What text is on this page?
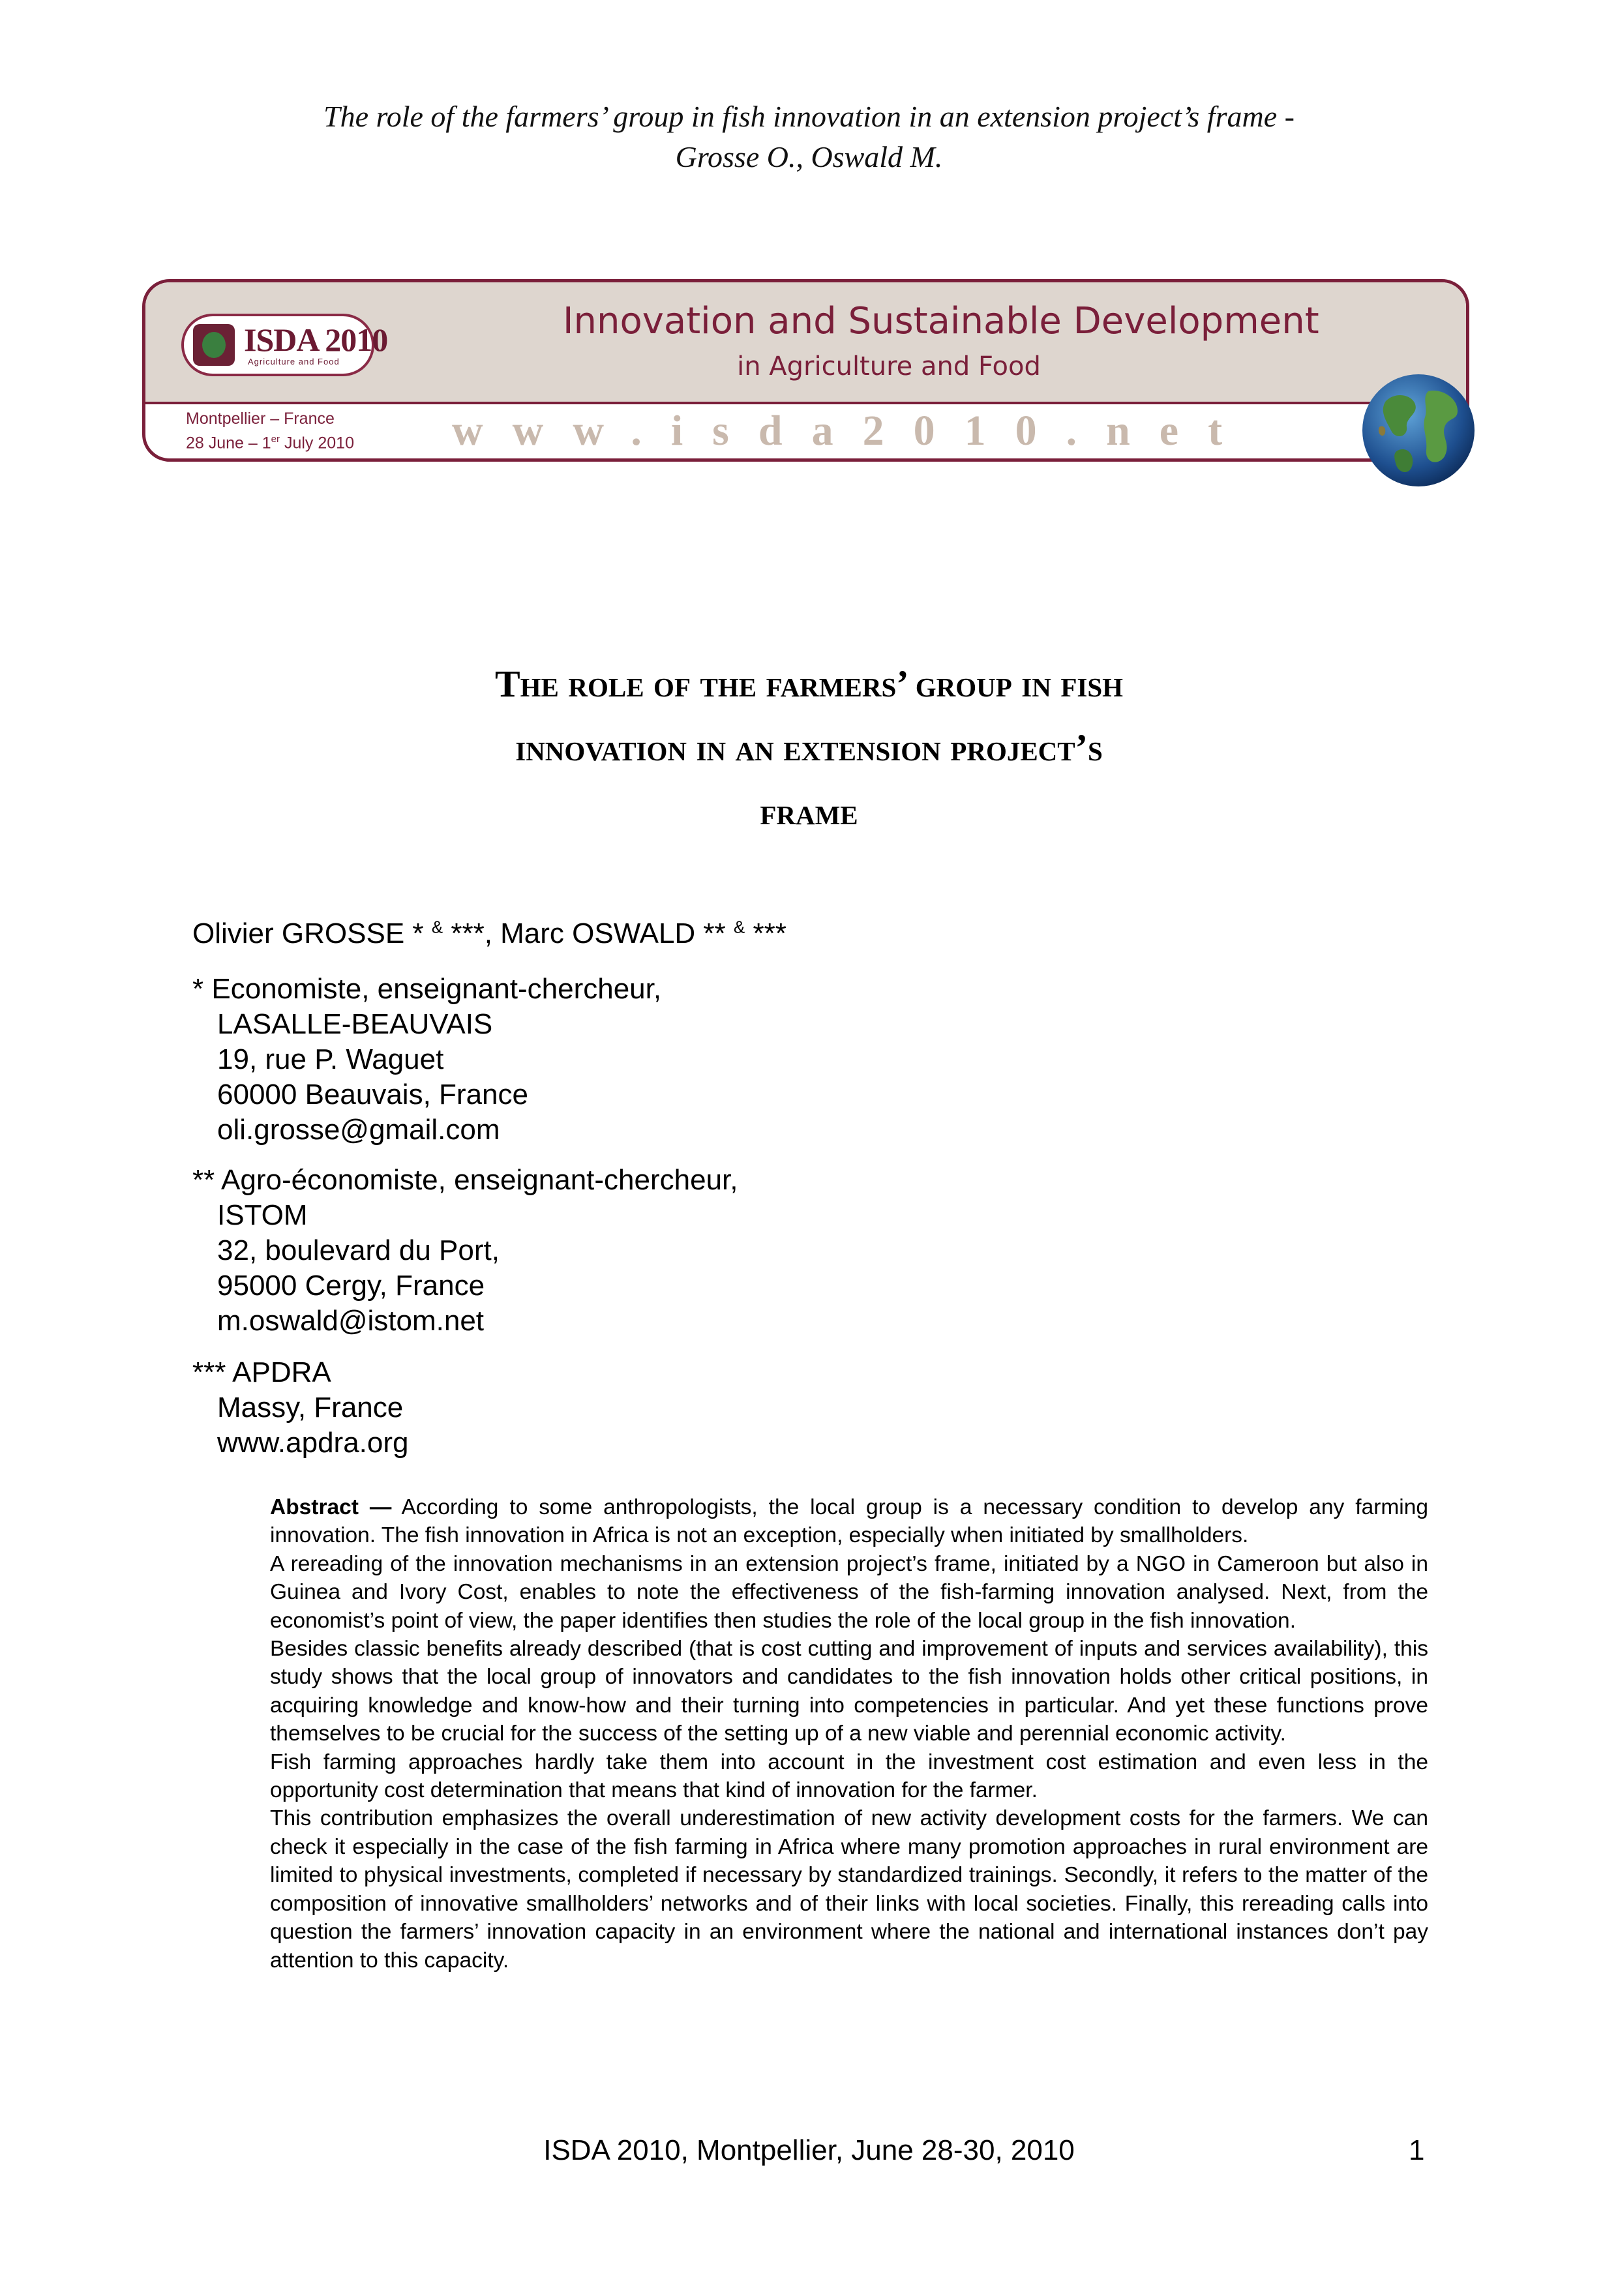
The role of the farmers’ group in fish innovation in an extension project’s frame -
Grosse O., Oswald M.
ISDA 2010
Agriculture and Food
Innovation and Sustainable Development
in Agriculture and Food
Montpellier – France
28 June – 1er July 2010 www.isda2010.net
The role of the farmers’ group in fish
innovation in an extension project’s
frame
Olivier GROSSE * & ***, Marc OSWALD ** & ***
* Economiste, enseignant-chercheur,
LASALLE-BEAUVAIS
19, rue P. Waguet
60000 Beauvais, France
oli.grosse@gmail.com
** Agro-économiste, enseignant-chercheur,
ISTOM
32, boulevard du Port,
95000 Cergy, France
m.oswald@istom.net
*** APDRA
Massy, France
www.apdra.org

Abstract — According to some anthropologists, the local group is a necessary condition to develop any farming innovation. The fish innovation in Africa is not an exception, especially when initiated by smallholders.

A rereading of the innovation mechanisms in an extension project’s frame, initiated by a NGO in Cameroon but also in Guinea and Ivory Cost, enables to note the effectiveness of the fish-farming innovation analysed. Next, from the economist’s point of view, the paper identifies then studies the role of the local group in the fish innovation.

Besides classic benefits already described (that is cost cutting and improvement of inputs and services availability), this study shows that the local group of innovators and candidates to the fish innovation holds other critical positions, in acquiring knowledge and know-how and their turning into competencies in particular. And yet these functions prove themselves to be crucial for the success of the setting up of a new viable and perennial economic activity.

Fish farming approaches hardly take them into account in the investment cost estimation and even less in the opportunity cost determination that means that kind of innovation for the farmer.

This contribution emphasizes the overall underestimation of new activity development costs for the farmers. We can check it especially in the case of the fish farming in Africa where many promotion approaches in rural environment are limited to physical investments, completed if necessary by standardized trainings. Secondly, it refers to the matter of the composition of innovative smallholders’ networks and of their links with local societies. Finally, this rereading calls into question the farmers’ innovation capacity in an environment where the national and international instances don’t pay attention to this capacity.

ISDA 2010, Montpellier, June 28-30, 2010	1
